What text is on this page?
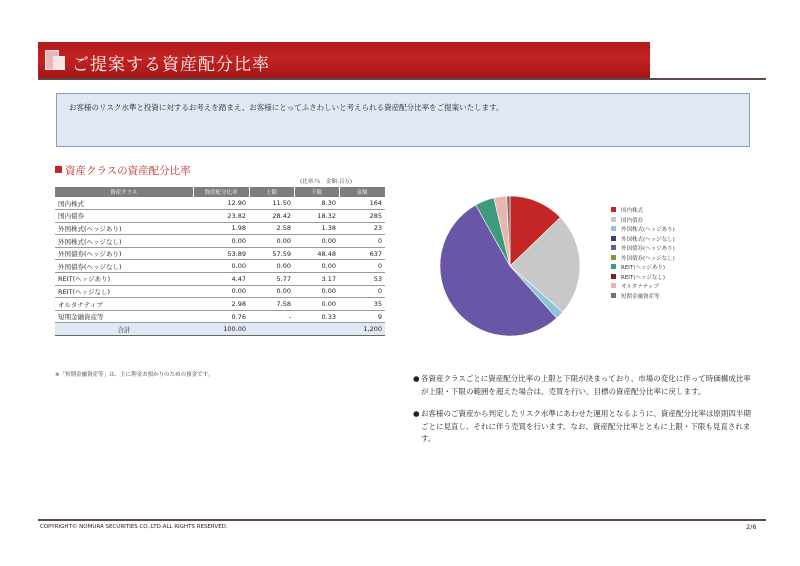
ご提案する資産配分比率
お客様のリスク水準と投資に対するお考えを踏まえ、お客様にとってふさわしいと考えられる資産配分比率をご提案いたします。
資産クラスの資産配分比率
(比率:％　金額:百万)
資産クラス	資産配分比率	上限	下限	金額
国内株式	12.90	11.50	8.30	164
国内債券	23.82	28.42	18.32	285
外国株式(ヘッジあり)	1.98	2.58	1.38	23
外国株式(ヘッジなし)	0.00	0.00	0.00	0
外国債券(ヘッジあり)	53.89	57.59	48.48	637
外国債券(ヘッジなし)	0.00	0.00	0.00	0
REIT(ヘッジあり)	4.47	5.77	3.17	53
REIT(ヘッジなし)	0.00	0.00	0.00	0
オルタナティブ	2.98	7.58	0.00	35
短期金融資産等	0.76	-	0.33	9
合計	100.00			1,200
※「短期金融資産等」は、主に利金お預かりのための預金です。
国内株式
国内債券
外国株式(ヘッジあり)
外国株式(ヘッジなし)
外国債券(ヘッジあり)
外国債券(ヘッジなし)
REIT(ヘッジあり)
REIT(ヘッジなし)
オルタナティブ
短期金融資産等
● 各資産クラスごとに資産配分比率の上限と下限が決まっており、市場の変化に伴って時価構成比率が上限・下限の範囲を超えた場合は、売買を行い、目標の資産配分比率に戻します。
● お客様のご資産から判定したリスク水準にあわせた運用となるように、資産配分比率は原則四半期ごとに見直し、それに伴う売買を行います。なお、資産配分比率とともに上限・下限も見直されます。
COPYRIGHT© NOMURA SECURITIES CO.,LTD.ALL RIGHTS RESERVED.	2/6
